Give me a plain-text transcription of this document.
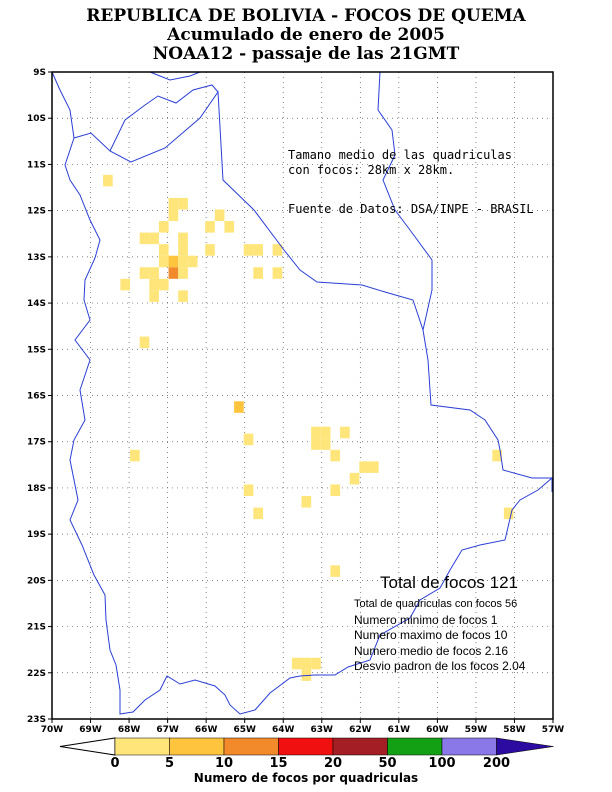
REPUBLICA DE BOLIVIA - FOCOS DE QUEMA
Acumulado de enero de 2005
NOAA12 - passaje de las 21GMT
70W 69W 68W 67W 66W 65W 64W 63W 62W 61W 60W 59W 58W 57W
9S
10S
11S
12S
13S
14S
15S
16S
17S
18S
19S
20S
21S
22S
23S
Tamano medio de las quadriculas
con focos: 28km x 28km.
Fuente de Datos: DSA/INPE - BRASIL
Total de focos 121
Total de quadriculas con focos 56
Numero minimo de focos 1
Numero maximo de focos 10
Numero medio de focos 2.16
Desvio padron de los focos 2.04
0	5	10	15	20	50	100	200
Numero de focos por quadriculas
